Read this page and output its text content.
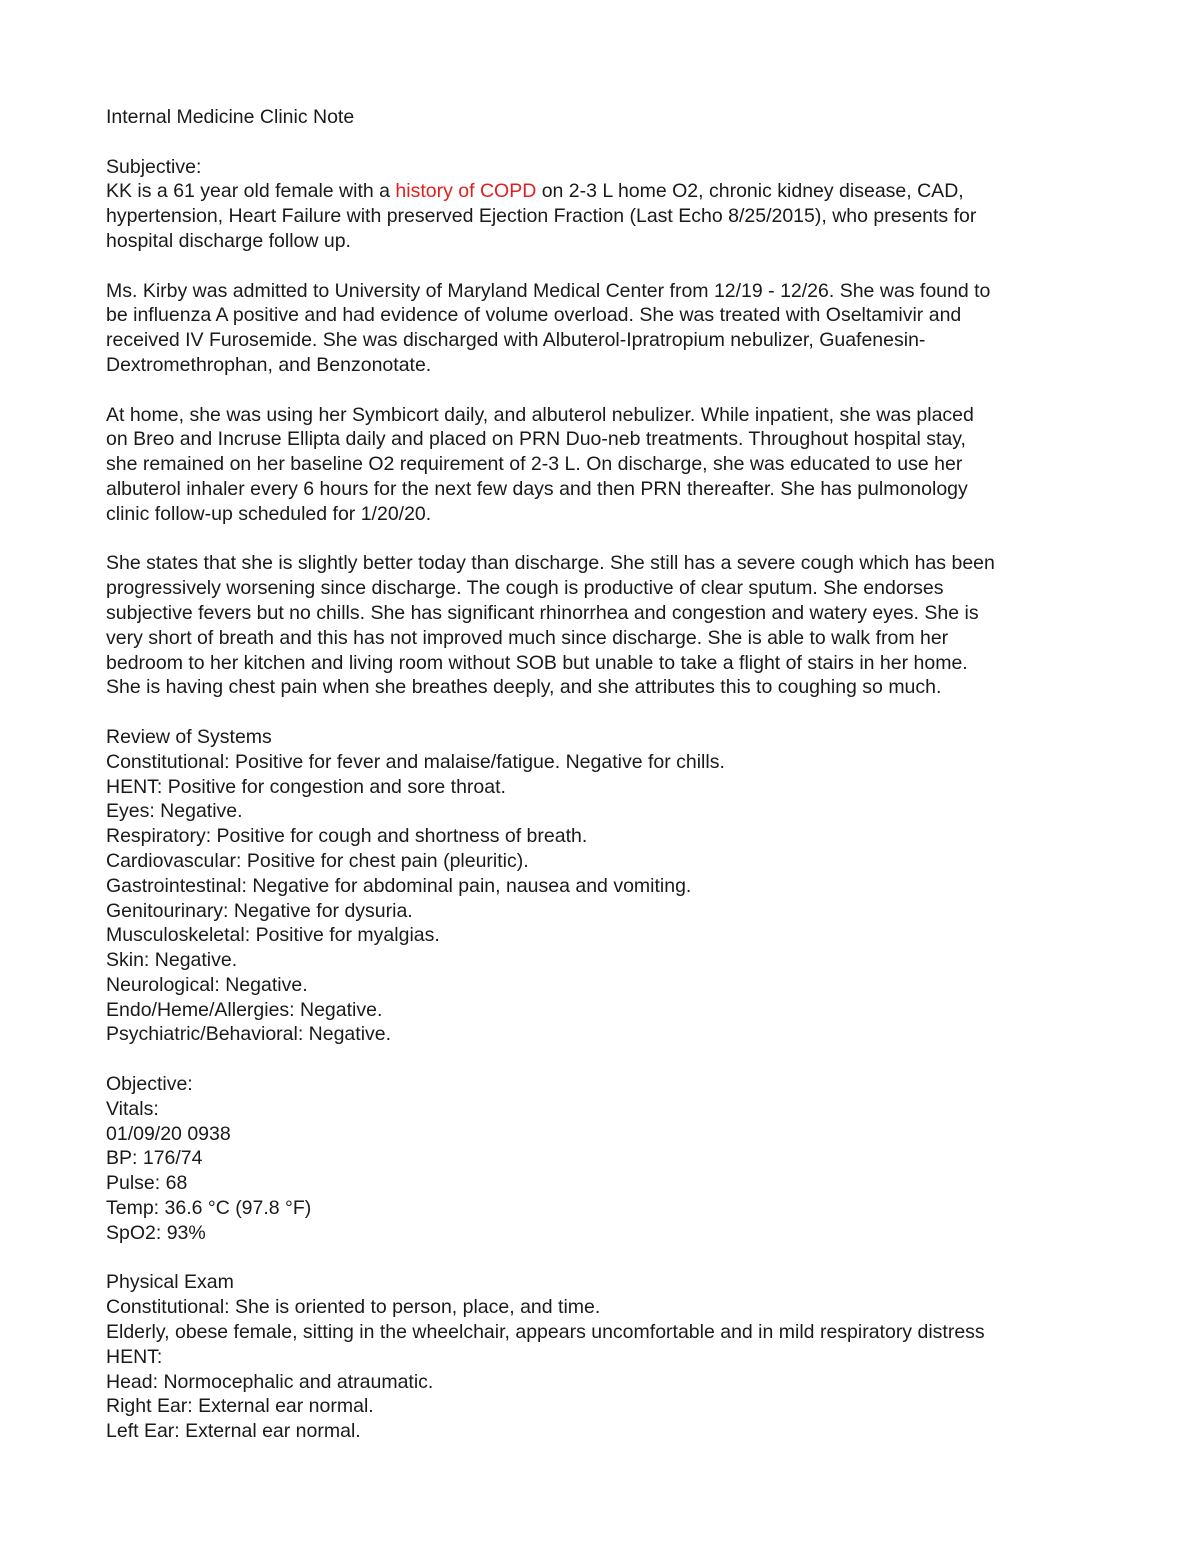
Internal Medicine Clinic Note
Subjective:
KK is a 61 year old female with a history of COPD on 2-3 L home O2, chronic kidney disease, CAD,
hypertension, Heart Failure with preserved Ejection Fraction (Last Echo 8/25/2015), who presents for
hospital discharge follow up.
Ms. Kirby was admitted to University of Maryland Medical Center from 12/19 - 12/26. She was found to
be influenza A positive and had evidence of volume overload. She was treated with Oseltamivir and
received IV Furosemide. She was discharged with Albuterol-Ipratropium nebulizer, Guafenesin-
Dextromethrophan, and Benzonotate.
At home, she was using her Symbicort daily, and albuterol nebulizer. While inpatient, she was placed
on Breo and Incruse Ellipta daily and placed on PRN Duo-neb treatments. Throughout hospital stay,
she remained on her baseline O2 requirement of 2-3 L. On discharge, she was educated to use her
albuterol inhaler every 6 hours for the next few days and then PRN thereafter. She has pulmonology
clinic follow-up scheduled for 1/20/20.
She states that she is slightly better today than discharge. She still has a severe cough which has been
progressively worsening since discharge. The cough is productive of clear sputum. She endorses
subjective fevers but no chills. She has significant rhinorrhea and congestion and watery eyes. She is
very short of breath and this has not improved much since discharge. She is able to walk from her
bedroom to her kitchen and living room without SOB but unable to take a flight of stairs in her home.
She is having chest pain when she breathes deeply, and she attributes this to coughing so much.
Review of Systems
Constitutional: Positive for fever and malaise/fatigue. Negative for chills.
HENT: Positive for congestion and sore throat.
Eyes: Negative.
Respiratory: Positive for cough and shortness of breath.
Cardiovascular: Positive for chest pain (pleuritic).
Gastrointestinal: Negative for abdominal pain, nausea and vomiting.
Genitourinary: Negative for dysuria.
Musculoskeletal: Positive for myalgias.
Skin: Negative.
Neurological: Negative.
Endo/Heme/Allergies: Negative.
Psychiatric/Behavioral: Negative.
Objective:
Vitals:
01/09/20 0938
BP: 176/74
Pulse: 68
Temp: 36.6 °C (97.8 °F)
SpO2: 93%
Physical Exam
Constitutional: She is oriented to person, place, and time.
Elderly, obese female, sitting in the wheelchair, appears uncomfortable and in mild respiratory distress
HENT:
Head: Normocephalic and atraumatic.
Right Ear: External ear normal.
Left Ear: External ear normal.
